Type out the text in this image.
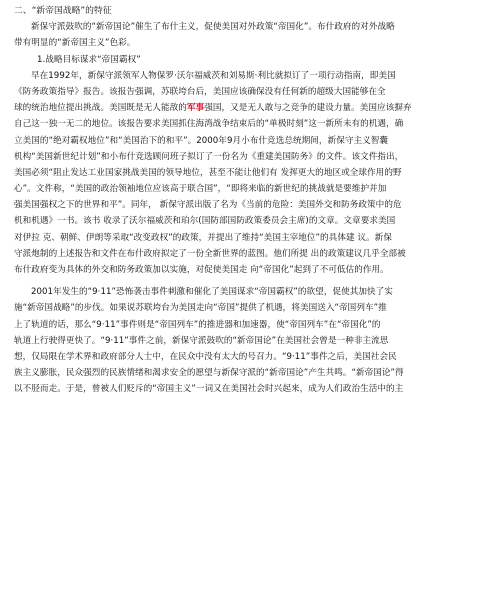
二、“新帝国战略”的特征
新保守派鼓吹的“新帝国论”催生了布什主义，促使美国对外政策“帝国化”。布什政府的对外战略
带有明显的“新帝国主义”色彩。
1.战略目标谋求“帝国霸权”
早在1992年，新保守派领军人物保罗·沃尔福威茨和刘易斯·利比就拟订了一项行动指南，即美国
《防务政策指导》报告。该报告强调，苏联垮台后，美国应该确保没有任何新的超级大国能够在全
球的统治地位提出挑战。美国既是无人能敌的军事强国，又是无人敢与之竞争的建设力量。美国应该摒弃
自己这一独一无二的地位。该报告要求美国抓住海湾战争结束后的“单极时刻”这一新所未有的机遇，确
立美国的“绝对霸权地位”和“美国治下的和平”。2000年9月小布什竞选总统期间，新保守主义智囊
机构“美国新世纪计划”和小布什竞选顾问班子拟订了一份名为《重建美国防务》的文件。该文件指出，
美国必须“阻止发达工业国家挑战美国的领导地位，甚至不能让他们有 发挥更大的地区或全球作用的野
心”。文件称，“美国的政治领袖地位应该高于联合国”，“即将来临的新世纪的挑战就是要维护并加
强美国强权之下的世界和平”。同年， 新保守派出版了名为《当前的危险：美国外交和防务政策中的危
机和机遇》一书。该书 收录了沃尔福威茨和珀尔(国防部国防政策委员会主席)的文章。文章要求美国
对伊拉 克、朝鲜、伊朗等采取“改变政权”的政策，并提出了维持“美国主宰地位”的具体建 议。新保
守派炮制的上述报告和文件在布什政府拟定了一份全新世界的蓝图。他们所提 出的政策建议几乎全部被
布什政府变为具体的外交和防务政策加以实施，对促使美国走 向“帝国化”起到了不可低估的作用。
2001年发生的“9·11”恐怖袭击事件刺激和催化了美国谋求“帝国霸权”的欲望，促使其加快了实
施“新帝国战略”的步伐。如果说苏联垮台为美国走向“帝国”提供了机遇，将美国送入“帝国列车”推
上了轨道的话，那么“9·11”事件则是“帝国列车”的推进器和加速器，使“帝国列车”在“帝国化”的
轨道上行驶得更快了。“9·11”事件之前，新保守派鼓吹的“新帝国论”在美国社会曾是一种非主流思
想，仅局限在学术界和政府部分人士中，在民众中没有太大的号召力。“9·11”事件之后，美国社会民
族主义膨胀，民众强烈的民族情绪和渴求安全的愿望与新保守派的“新帝国论”产生共鸣。“新帝国论”得
以不胫而走。于是，曾被人们贬斥的“帝国主义”一词又在美国社会时兴起来，成为人们政治生活中的主
